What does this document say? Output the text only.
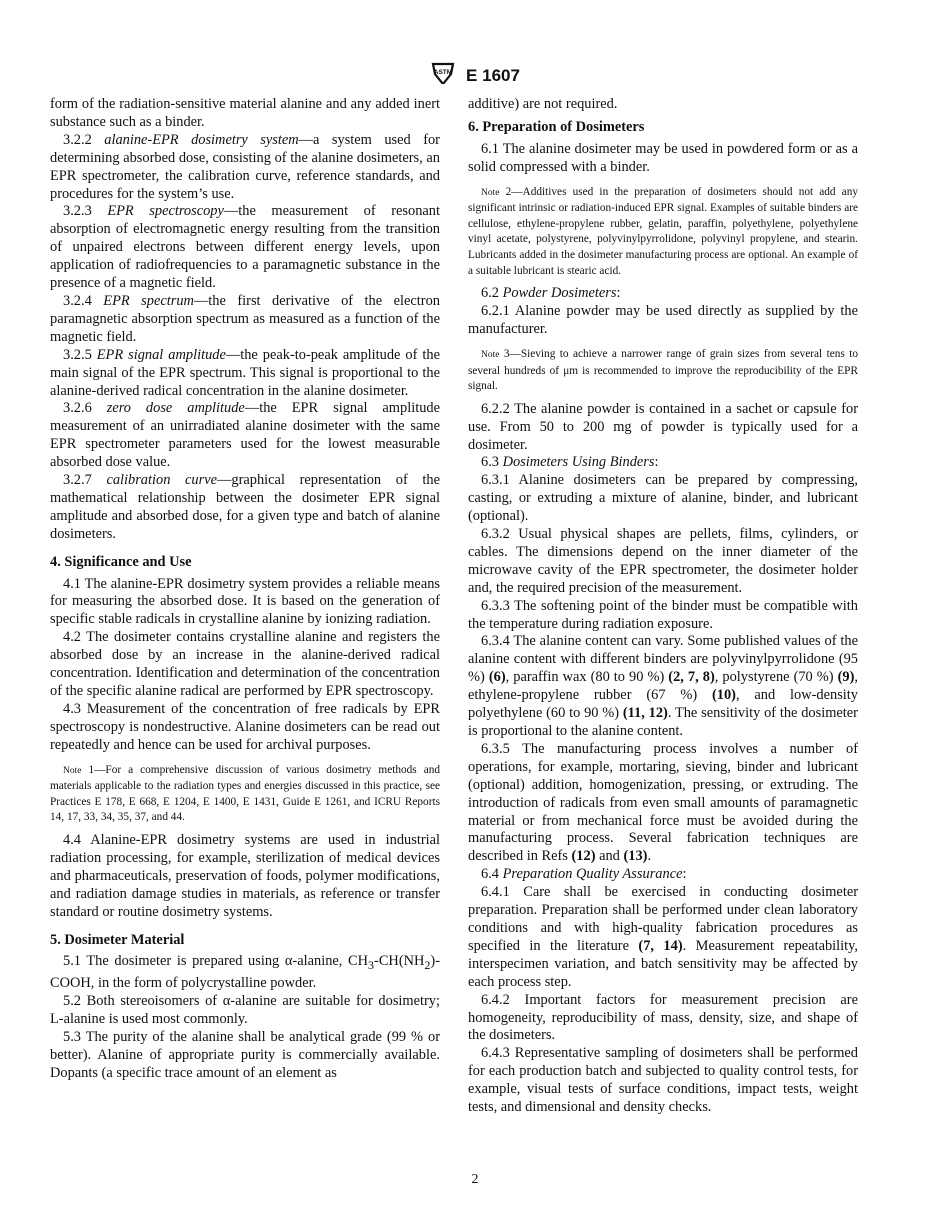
ASTM E 1607

form of the radiation-sensitive material alanine and any added inert substance such as a binder.

3.2.2 alanine-EPR dosimetry system—a system used for determining absorbed dose, consisting of the alanine dosimeters, an EPR spectrometer, the calibration curve, reference standards, and procedures for the system’s use.

3.2.3 EPR spectroscopy—the measurement of resonant absorption of electromagnetic energy resulting from the transition of unpaired electrons between different energy levels, upon application of radiofrequencies to a paramagnetic substance in the presence of a magnetic field.

3.2.4 EPR spectrum—the first derivative of the electron paramagnetic absorption spectrum as measured as a function of the magnetic field.

3.2.5 EPR signal amplitude—the peak-to-peak amplitude of the main signal of the EPR spectrum. This signal is proportional to the alanine-derived radical concentration in the alanine dosimeter.

3.2.6 zero dose amplitude—the EPR signal amplitude measurement of an unirradiated alanine dosimeter with the same EPR spectrometer parameters used for the lowest measurable absorbed dose value.

3.2.7 calibration curve—graphical representation of the mathematical relationship between the dosimeter EPR signal amplitude and absorbed dose, for a given type and batch of alanine dosimeters.

4. Significance and Use

4.1 The alanine-EPR dosimetry system provides a reliable means for measuring the absorbed dose. It is based on the generation of specific stable radicals in crystalline alanine by ionizing radiation.

4.2 The dosimeter contains crystalline alanine and registers the absorbed dose by an increase in the alanine-derived radical concentration. Identification and determination of the concentration of the specific alanine radical are performed by EPR spectroscopy.

4.3 Measurement of the concentration of free radicals by EPR spectroscopy is nondestructive. Alanine dosimeters can be read out repeatedly and hence can be used for archival purposes.

Note 1—For a comprehensive discussion of various dosimetry methods and materials applicable to the radiation types and energies discussed in this practice, see Practices E 178, E 668, E 1204, E 1400, E 1431, Guide E 1261, and ICRU Reports 14, 17, 33, 34, 35, 37, and 44.

4.4 Alanine-EPR dosimetry systems are used in industrial radiation processing, for example, sterilization of medical devices and pharmaceuticals, preservation of foods, polymer modifications, and radiation damage studies in materials, as reference or transfer standard or routine dosimetry systems.

5. Dosimeter Material

5.1 The dosimeter is prepared using α-alanine, $CH_3-CH(NH_2)$-COOH, in the form of polycrystalline powder.

5.2 Both stereoisomers of α-alanine are suitable for dosimetry; L-alanine is used most commonly.

5.3 The purity of the alanine shall be analytical grade (99 % or better). Alanine of appropriate purity is commercially available. Dopants (a specific trace amount of an element as

additive) are not required.

6. Preparation of Dosimeters

6.1 The alanine dosimeter may be used in powdered form or as a solid compressed with a binder.

Note 2—Additives used in the preparation of dosimeters should not add any significant intrinsic or radiation-induced EPR signal. Examples of suitable binders are cellulose, ethylene-propylene rubber, gelatin, paraffin, polyethylene, polyethylene vinyl acetate, polystyrene, polyvinylpyrrolidone, polyvinyl propylene, and stearin. Lubricants added in the dosimeter manufacturing process are optional. An example of a suitable lubricant is stearic acid.

6.2 Powder Dosimeters:

6.2.1 Alanine powder may be used directly as supplied by the manufacturer.

Note 3—Sieving to achieve a narrower range of grain sizes from several tens to several hundreds of μm is recommended to improve the reproducibility of the EPR signal.

6.2.2 The alanine powder is contained in a sachet or capsule for use. From 50 to 200 mg of powder is typically used for a dosimeter.

6.3 Dosimeters Using Binders:

6.3.1 Alanine dosimeters can be prepared by compressing, casting, or extruding a mixture of alanine, binder, and lubricant (optional).

6.3.2 Usual physical shapes are pellets, films, cylinders, or cables. The dimensions depend on the inner diameter of the microwave cavity of the EPR spectrometer, the dosimeter holder and, the required precision of the measurement.

6.3.3 The softening point of the binder must be compatible with the temperature during radiation exposure.

6.3.4 The alanine content can vary. Some published values of the alanine content with different binders are polyvinylpyrrolidone (95 %) (6), paraffin wax (80 to 90 %) (2, 7, 8), polystyrene (70 %) (9), ethylene-propylene rubber (67 %) (10), and low-density polyethylene (60 to 90 %) (11, 12). The sensitivity of the dosimeter is proportional to the alanine content.

6.3.5 The manufacturing process involves a number of operations, for example, mortaring, sieving, binder and lubricant (optional) addition, homogenization, pressing, or extruding. The introduction of radicals from even small amounts of paramagnetic material or from mechanical force must be avoided during the manufacturing process. Several fabrication techniques are described in Refs (12) and (13).

6.4 Preparation Quality Assurance:

6.4.1 Care shall be exercised in conducting dosimeter preparation. Preparation shall be performed under clean laboratory conditions and with high-quality fabrication procedures as specified in the literature (7, 14). Measurement repeatability, interspecimen variation, and batch sensitivity may be affected by each process step.

6.4.2 Important factors for measurement precision are homogeneity, reproducibility of mass, density, size, and shape of the dosimeters.

6.4.3 Representative sampling of dosimeters shall be performed for each production batch and subjected to quality control tests, for example, visual tests of surface conditions, impact tests, weight tests, and dimensional and density checks.

2
